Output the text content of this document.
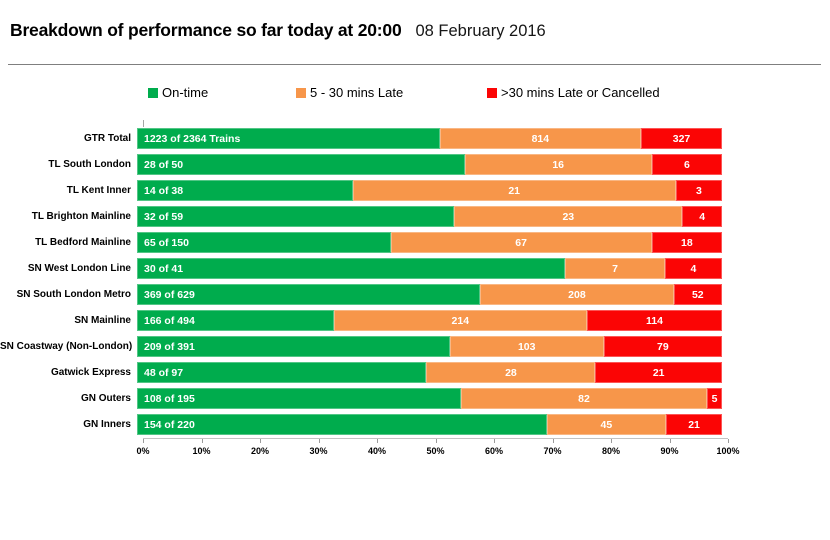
Breakdown of performance so far today at 20:00 08 February 2016
On-time	5 - 30 mins Late	>30 mins Late or Cancelled
GTR Total	1223 of 2364 Trains	814	327
TL South London	28 of 50	16	6
TL Kent Inner	14 of 38	21	3
TL Brighton Mainline	32 of 59	23	4
TL Bedford Mainline	65 of 150	67	18
SN West London Line	30 of 41	7	4
SN South London Metro	369 of 629	208	52
SN Mainline	166 of 494	214	114
SN Coastway (Non-London)	209 of 391	103	79
Gatwick Express	48 of 97	28	21
GN Outers	108 of 195	82	5
GN Inners	154 of 220	45	21
0%	10%	20%	30%	40%	50%	60%	70%	80%	90%	100%
